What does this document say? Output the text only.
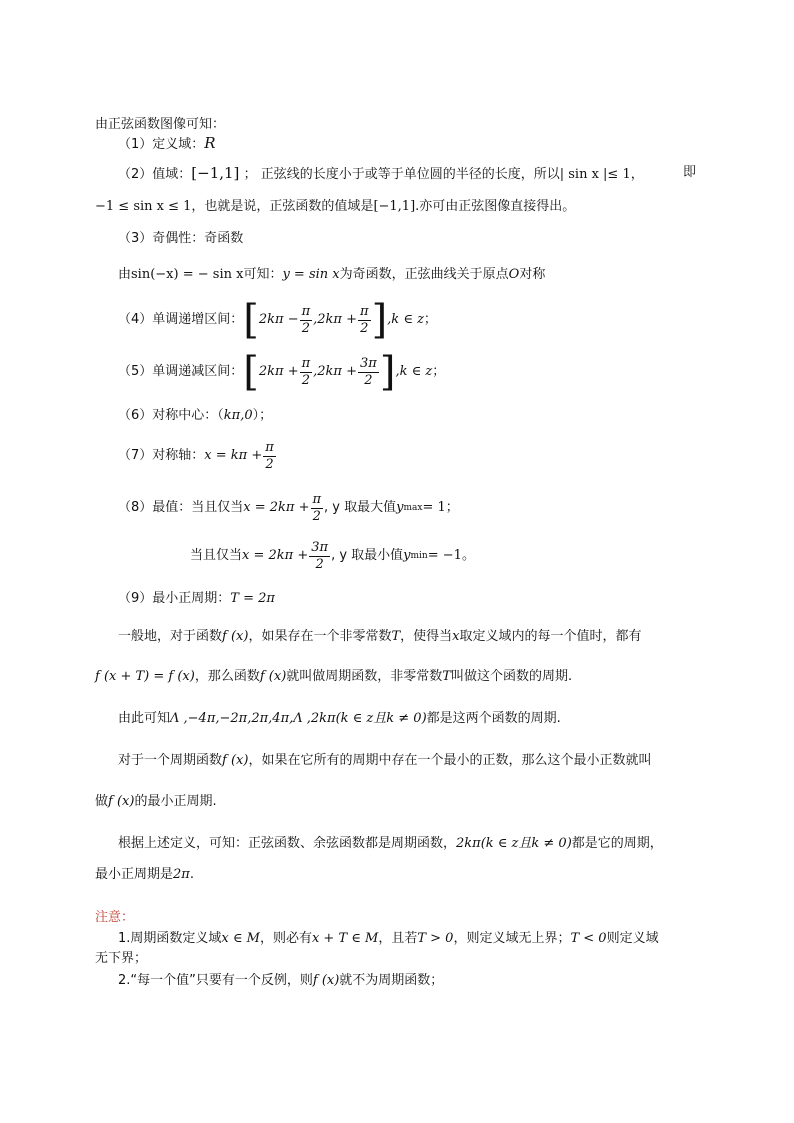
由正弦函数图像可知：
（1）定义域：R
（2）值域：[−1,1] ； 正弦线的长度小于或等于单位圆的半径的长度，所以| sin x |≤ 1，	即
−1 ≤ sin x ≤ 1，也就是说，正弦函数的值域是[−1,1].亦可由正弦图像直接得出。
（3）奇偶性：奇函数
由sin(−x) = − sin x可知：y = sin x为奇函数，正弦曲线关于原点O对称
（4）单调递增区间： [ $2k\pi - \frac{\pi}{2} ,2k\pi + \frac{\pi}{2}$ ] ,k ∈ z ；
（5）单调递减区间： [ $2k\pi + \frac{\pi}{2} ,2k\pi + \frac{3\pi}{2}$ ] ,k ∈ z ；
（6）对称中心：（kπ,0）；
（7）对称轴： $x = k\pi + \frac{\pi}{2}$
（8）最值：当且仅当 $x = 2k\pi + \frac{\pi}{2}$ , y 取最大值 y max = 1 ；
当且仅当 $x = 2k\pi + \frac{3\pi}{2}$ , y 取最小值 y min = −1 。
（9）最小正周期：T = 2π
一般地，对于函数f (x)，如果存在一个非零常数T，使得当x取定义域内的每一个值时，都有
f (x + T) = f (x)，那么函数f (x)就叫做周期函数，非零常数T叫做这个函数的周期.
由此可知Λ ,−4π,−2π,2π,4π,Λ ,2kπ(k ∈ z且k ≠ 0)都是这两个函数的周期.
对于一个周期函数f (x)，如果在它所有的周期中存在一个最小的正数，那么这个最小正数就叫
做f (x)的最小正周期.
根据上述定义，可知：正弦函数、余弦函数都是周期函数，2kπ(k ∈ z且k ≠ 0)都是它的周期，
最小正周期是2π.
注意：
1.周期函数定义域x ∈ M，则必有x + T ∈ M，且若T > 0，则定义域无上界；T < 0则定义域
无下界；
2.“每一个值”只要有一个反例，则f (x)就不为周期函数；
